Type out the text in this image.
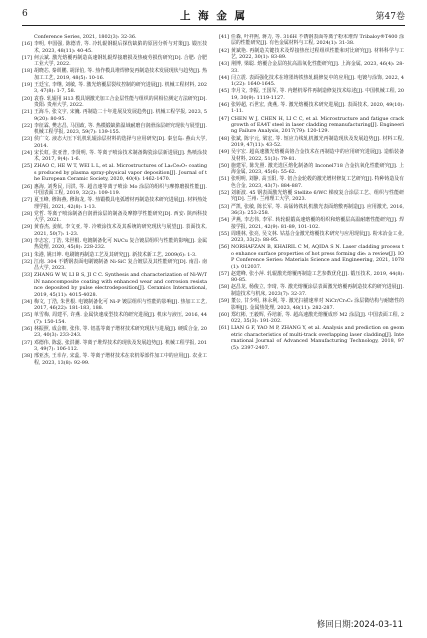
6	上 海 金 属	第47卷
Conference Series, 2021, 1802(3): 32-36.
[16] 李明, 申国强, 陈德青, 等. 冷轧辊钢辊后探伤缺陷的原因分析与对策[J]. 锻压技术, 2023, 48(11): 40-45.
[17] 何云斌. 激光熔覆再制造高速钢轧辊焊接磨损及热疲劳损伤研究[D]. 合肥: 合肥工业大学, 2022.
[18] 胡晓芯, 秦训鹏, 胡泽伯, 等. 热作模具堆焊修复再制造技术发展现状与趋势[J]. 热加工工艺, 2019, 48(5): 10-16.
[19] 王廷宝, 李继, 刘敏, 等. 激光熔覆层裂纹控制的研究进展[J]. 机械工程材料, 2023, 47(8): 1-7, 58.
[20] 袁春. 轧辊用 H13 模具钢激光加工合金层性能与组织的同相位测定方法研究[D]. 贵阳: 贵州大学, 2022.
[21] 王海斗, 张文宇, 宋巍. 再制造二十年进展及发展趋势[J]. 机械工程学报, 2023, 59(20): 80-95.
[22] 李征霖, 樊志昌, 马国政, 等. 热模锻缺陷温域耐磨自润滑涂层研究现状与展望[J]. 机械工程学报, 2023, 59(7): 139-155.
[23] 侯广文. 液态大压下轧机轧辊涂层材料的选择与应用研究[D]. 秦皇岛: 燕山大学, 2014.
[24] 宋长虹, 张亚普, 李贤明, 等. 等离子喷涂技术制备陶瓷涂层新进展[J]. 热喷涂技术, 2017, 9(4): 1-6.
[25] ZHAO C, HE W T, WEI L L, et al. Microstructures of La₂Ce₂O₇ coatings produced by plasma spray-physical vapor deposition[J]. Journal of the European Ceramic Society, 2020, 40(4): 1462-1470.
[26] 惠海, 刘秀民, 闫洪, 等. 超音速等离子喷涂 Mo 涂层的组织与摩擦磨损性能[J]. 中国表面工程, 2019, 32(2): 109-119.
[27] 夏玉峰, 穆海燕, 穆海龙, 等. 热锻模具电弧增材再制造技术研究进展[J]. 材料热处理学报, 2021, 42(8): 1-13.
[28] 党哲. 等离子喷涂制备自润滑涂层的制备及摩擦学性能研究[D]. 西安: 陕西科技大学, 2021.
[29] 黄春杰, 姜航, 李文亚, 等. 冷喷涂技术及其系统的研究现状与展望[J]. 表面技术, 2021, 50(7): 1-23.
[30] 李志宏, 丁浩, 朱世根. 电镀制备化可 Ni/Cu 复合镀层组织与性能的影响[J]. 金属热处理, 2020, 45(8): 228-232.
[31] 朱港, 姚日坤. 电刷镀再制造工艺及其研究[J]. 新技术新工艺, 2009(6): 1-3.
[32] 江南. 304 不锈钢表面电刷镀制备 Ni-SiC 复合镀层及其性能研究[D]. 南昌: 南昌大学, 2023.
[33] ZHANG W W, LI B S, JI C C. Synthesis and characterization of Ni-W/TiN nanocomposite coating with enhanced wear and corrosion resistance deposited by pulse electrodeposition[J]. Ceramics International, 2019, 45(11): 4015-4028.
[34] 梅文, 丁浩, 朱世根. 电镀制备化可 Ni-P 镀层组织与性能的影响[J]. 热加工工艺, 2017, 46(22): 181-183, 188.
[35] 单雪梅, 周建平, 许燕. 金属快速成型技术的研究进展[J]. 机床与液压, 2016, 44(7): 150-154.
[36] 林振照, 成会朝, 张伟, 等. 铝基等离子增材技术研究现状与进展[J]. 硬质合金, 2023, 40(3): 233-243.
[37] 邓德伟, 陈蕊, 张洪潮. 等离子堆焊技术的现状及发展趋势[J]. 机械工程学报, 2013, 49(7): 106-112.
[38] 邢亚杰, 王幸存, 宋蕊, 等. 等离子增材技术在农机零部件加工中的应用[J]. 农业工程, 2023, 13(8): 92-99.
[41] 任森, 叶祥熙, 蒋力, 等. 316H 不锈钢表面等离子粉末堆焊 Tribaloy®T400 涂层的性能研究[J]. 有色金属材料与工程, 2024(1): 31-38.
[42] 黄斌艳. 再制造关键技术及焊接热丝过程组织性能和对比研究[J]. 材料科学与工艺, 2022, 30(1): 83-89.
[43] 荆博, 梁聪. 熔覆合金层的抗高温氧化性能研究[J]. 上海金属, 2023, 46(4): 28-33.
[44] 闫立震. 表面强化技术在堆墨铸铁热轧辊修复中的应用[J]. 电镀与涂饰, 2022, 41(22): 1640-1645.
[45] 李月文, 李振, 王国军, 等. 内燃机零件再制造修复技术综述[J]. 中国机械工程, 2019, 30(9): 1119-1127.
[46] 张婷超, 石世宏, 龚燕, 等. 激光熔覆技术研究进展[J]. 表面技术, 2020, 49(10): 1-11.
[47] CHEN W J, CHEN H, LI C C, et al. Microstructure and fatigue crack growth of EA4T steel in laser cladding remanufacturing[J]. Engineering Failure Analysis, 2017(79): 120-129.
[48] 张斌, 陈宇元, 梁宏, 等. 短应力线轧机激光再制造现状及发展趋势[J]. 材料工程, 2019, 47(11): 43-52.
[49] 吴宇宏. 超高速激光熔覆高铬合金技术在再制造中的应用研究进展[J]. 造船装备及材料, 2022, 51(3): 79-81.
[50] 施建军, 陈先照. 激光选区熔化制备的 Inconel718 合金抗氧化性能研究[J]. 上海金属, 2023, 45(6): 55-62.
[51] 张明明, 刘静, 高玉阳, 等. 铝合金轮毂的激光增材修复工艺研究[J]. 特种铸造及有色合金, 2023, 43(7): 884-887.
[52] 刘新波. 45 钢表面激光熔覆 Stellite 6/WC 梯度复合涂层工艺、组织与性能研究[D]. 兰州: 兰州理工大学, 2023.
[53] 严凯, 张敏, 陈长军, 等. 高锰铸铁轧机激光表面熔敷再制造[J]. 应用激光, 2016, 36(3): 253-258.
[54] 尹燕, 李志伟, 李军. 转轮辊锻高速熔覆的组织和熔覆层高温耐磨性能研究[J]. 焊接学报, 2021, 42(9): 81-89, 101-102.
[55] 周瑾林, 张亮, 吴文林. 钴基合金激光熔覆技术研究与应用现状[J]. 粉末冶金工业, 2023, 33(2): 88-95.
[56] NORHAFZAN B, KHAIRIL C M, AQIDA S N. Laser cladding process to enhance surface properties of hot press forming die: a review[J]. IOP Conference Series: Materials Science and Engineering, 2021, 1078(1): 012037.
[57] 赵建峰, 张小萍. 轧辊激光熔覆再制造工艺参数优化[J]. 锻压技术, 2019, 44(8): 80-85.
[58] 赵昌龙, 杨俊立, 李琦, 等. 激光熔覆涂层表面激光熔覆再制造技术的研究进展[J]. 制造技术与机床, 2023(7): 32-37.
[59] 董公, 甘少明, 林永利, 等. 激光扫描速率对 NiCr/Cr₃C₂ 涂层微结构与耐磨性的影响[J]. 金属热处理, 2023, 48(11): 282-287.
[60] 郑红彬, 王毅辉, 乔培新, 等. 超高速激光熔覆成形 M2 涂层[J]. 中国表面工程, 2022, 35(3): 191-202.
[61] LIAN G F, YAO M P, ZHANG Y, et al. Analysis and prediction on geometric characteristics of multi-track overlapping laser cladding[J]. International Journal of Advanced Manufacturing Technology, 2018, 97(5): 2397-2407.
修回日期:2024-03-11
